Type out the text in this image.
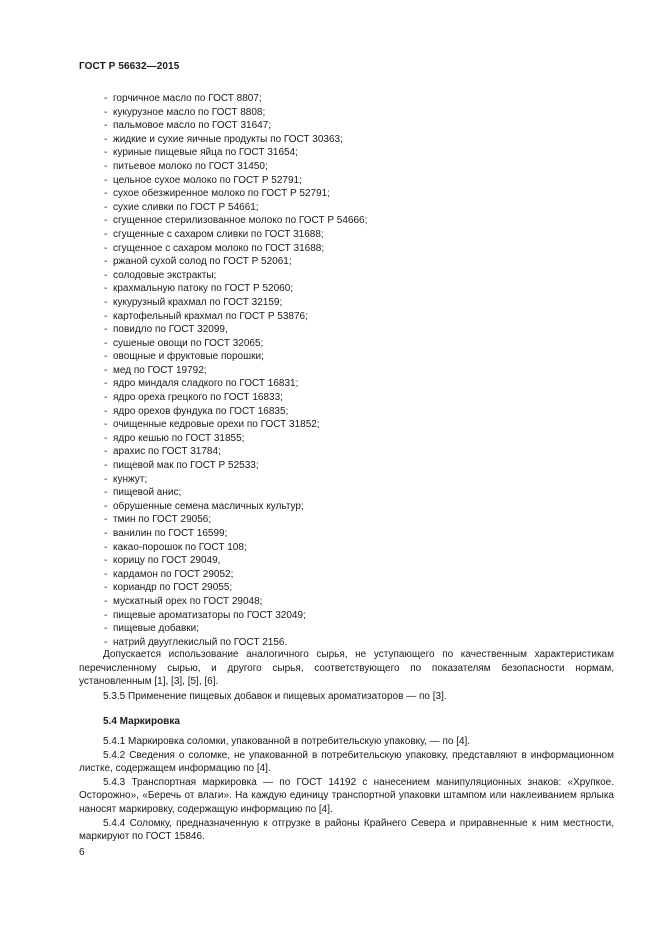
ГОСТ Р 56632—2015
- горчичное масло по ГОСТ 8807;
- кукурузное масло по ГОСТ 8808;
- пальмовое масло по ГОСТ 31647;
- жидкие и сухие яичные продукты по ГОСТ 30363;
- куриные пищевые яйца по ГОСТ 31654;
- питьевое молоко по ГОСТ 31450;
- цельное сухое молоко по ГОСТ Р 52791;
- сухое обезжиренное молоко по ГОСТ Р 52791;
- сухие сливки по ГОСТ Р 54661;
- сгущенное стерилизованное молоко по ГОСТ Р 54666;
- сгущенные с сахаром сливки по ГОСТ 31688;
- сгущенное с сахаром молоко по ГОСТ 31688;
- ржаной сухой солод по ГОСТ Р 52061;
- солодовые экстракты;
- крахмальную патоку по ГОСТ Р 52060;
- кукурузный крахмал по ГОСТ 32159;
- картофельный крахмал по ГОСТ Р 53876;
- повидло по ГОСТ 32099,
- сушеные овощи по ГОСТ 32065;
- овощные и фруктовые порошки;
- мед по ГОСТ 19792;
- ядро миндаля сладкого по ГОСТ 16831;
- ядро ореха грецкого по ГОСТ 16833;
- ядро орехов фундука по ГОСТ 16835;
- очищенные кедровые орехи по ГОСТ 31852;
- ядро кешью по ГОСТ 31855;
- арахис по ГОСТ 31784;
- пищевой мак по ГОСТ Р 52533;
- кунжут;
- пищевой анис;
- обрушенные семена масличных культур;
- тмин по ГОСТ 29056;
- ванилин по ГОСТ 16599;
- какао-порошок по ГОСТ 108;
- корицу по ГОСТ 29049,
- кардамон по ГОСТ 29052;
- кориандр по ГОСТ 29055;
- мускатный орех по ГОСТ 29048;
- пищевые ароматизаторы по ГОСТ 32049;
- пищевые добавки;
- натрий двууглекислый по ГОСТ 2156.
Допускается использование аналогичного сырья, не уступающего по качественным характеристикам перечисленному сырью, и другого сырья, соответствующего по показателям безопасности нормам, установленным [1], [3], [5], [6].
5.3.5 Применение пищевых добавок и пищевых ароматизаторов — по [3].
5.4 Маркировка
5.4.1 Маркировка соломки, упакованной в потребительскую упаковку, — по [4].
5.4.2 Сведения о соломке, не упакованной в потребительскую упаковку, представляют в информационном листке, содержащем информацию по [4].
5.4.3 Транспортная маркировка — по ГОСТ 14192 с нанесением манипуляционных знаков: «Хрупкое. Осторожно», «Беречь от влаги». На каждую единицу транспортной упаковки штампом или наклеиванием ярлыка наносят маркировку, содержащую информацию по [4].
5.4.4 Соломку, предназначенную к отгрузке в районы Крайнего Севера и приравненные к ним местности, маркируют по ГОСТ 15846.
6
